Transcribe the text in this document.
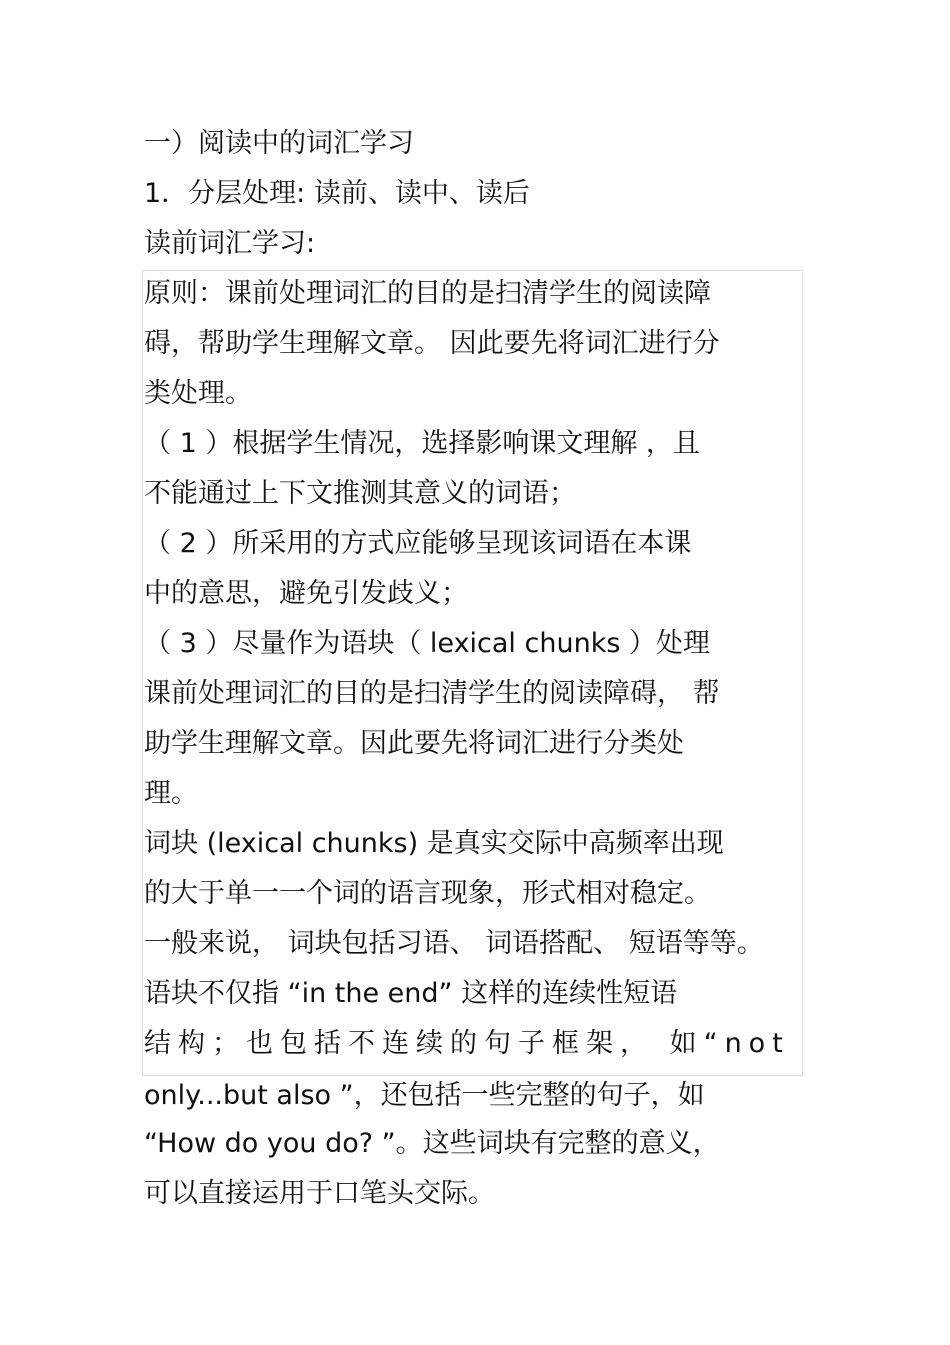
一）阅读中的词汇学习
1．分层处理: 读前、读中、读后
读前词汇学习:
原则：课前处理词汇的目的是扫清学生的阅读障
碍，帮助学生理解文章。 因此要先将词汇进行分
类处理。
（ 1 ）根据学生情况，选择影响课文理解 ，且
不能通过上下文推测其意义的词语；
（ 2 ）所采用的方式应能够呈现该词语在本课
中的意思，避免引发歧义；
（ 3 ）尽量作为语块（ lexical chunks ）处理
课前处理词汇的目的是扫清学生的阅读障碍， 帮
助学生理解文章。因此要先将词汇进行分类处
理。
词块 (lexical chunks) 是真实交际中高频率出现
的大于单一一个词的语言现象，形式相对稳定。
一般来说， 词块包括习语、 词语搭配、 短语等等。
语块不仅指 “in the end” 这样的连续性短语
结构；也包括不连续的句子框架， 如“not
only...but also ”，还包括一些完整的句子，如
“How do you do? ”。这些词块有完整的意义，
可以直接运用于口笔头交际。
